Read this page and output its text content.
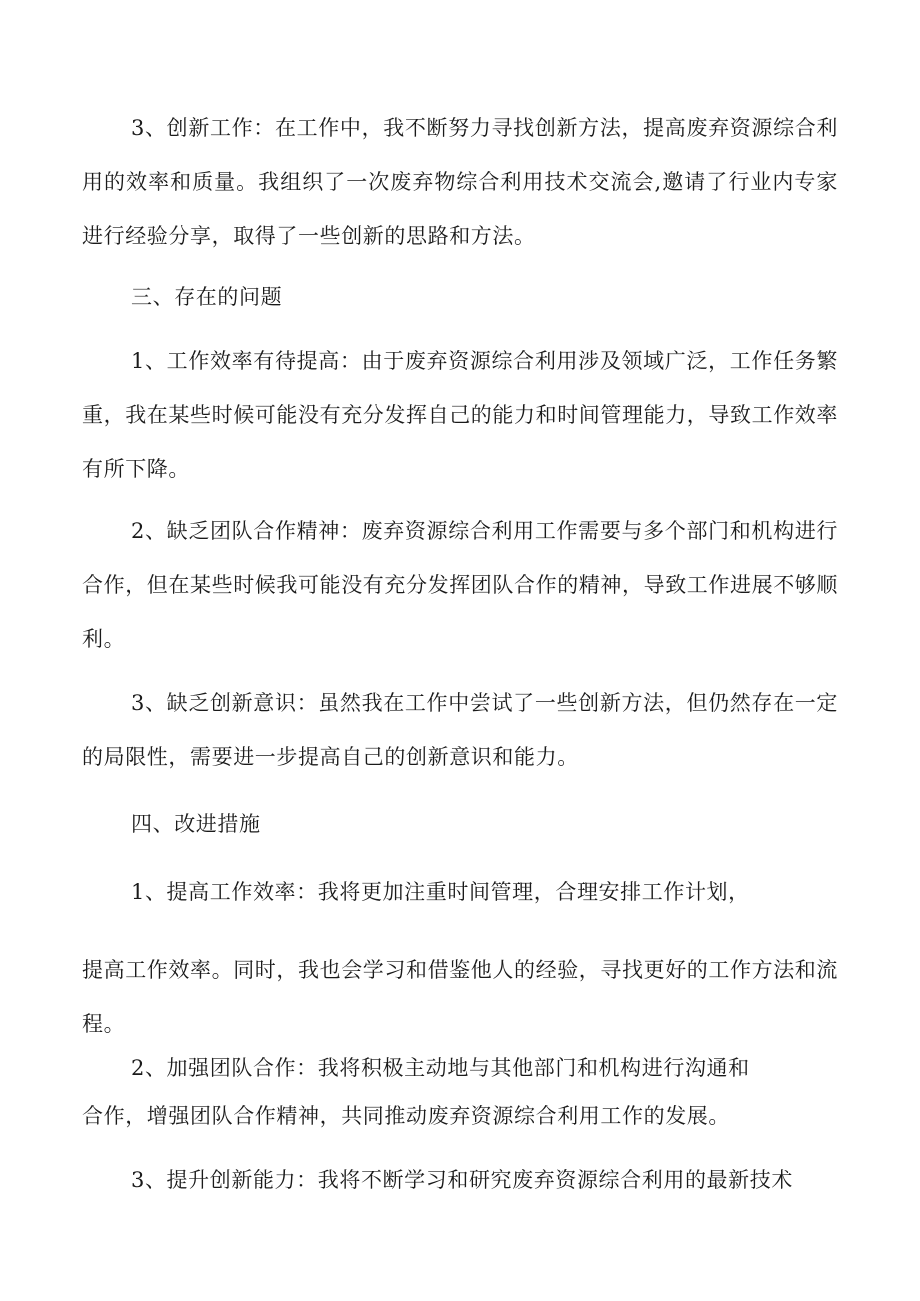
3、创新工作：在工作中，我不断努力寻找创新方法，提高废弃资源综合利用的效率和质量。我组织了一次废弃物综合利用技术交流会,邀请了行业内专家进行经验分享，取得了一些创新的思路和方法。

三、存在的问题

1、工作效率有待提高：由于废弃资源综合利用涉及领域广泛，工作任务繁重，我在某些时候可能没有充分发挥自己的能力和时间管理能力，导致工作效率有所下降。

2、缺乏团队合作精神：废弃资源综合利用工作需要与多个部门和机构进行合作，但在某些时候我可能没有充分发挥团队合作的精神，导致工作进展不够顺利。

3、缺乏创新意识：虽然我在工作中尝试了一些创新方法，但仍然存在一定的局限性，需要进一步提高自己的创新意识和能力。

四、改进措施

1、提高工作效率：我将更加注重时间管理，合理安排工作计划，

提高工作效率。同时，我也会学习和借鉴他人的经验，寻找更好的工作方法和流程。

2、加强团队合作：我将积极主动地与其他部门和机构进行沟通和

合作，增强团队合作精神，共同推动废弃资源综合利用工作的发展。

3、提升创新能力：我将不断学习和研究废弃资源综合利用的最新技术
